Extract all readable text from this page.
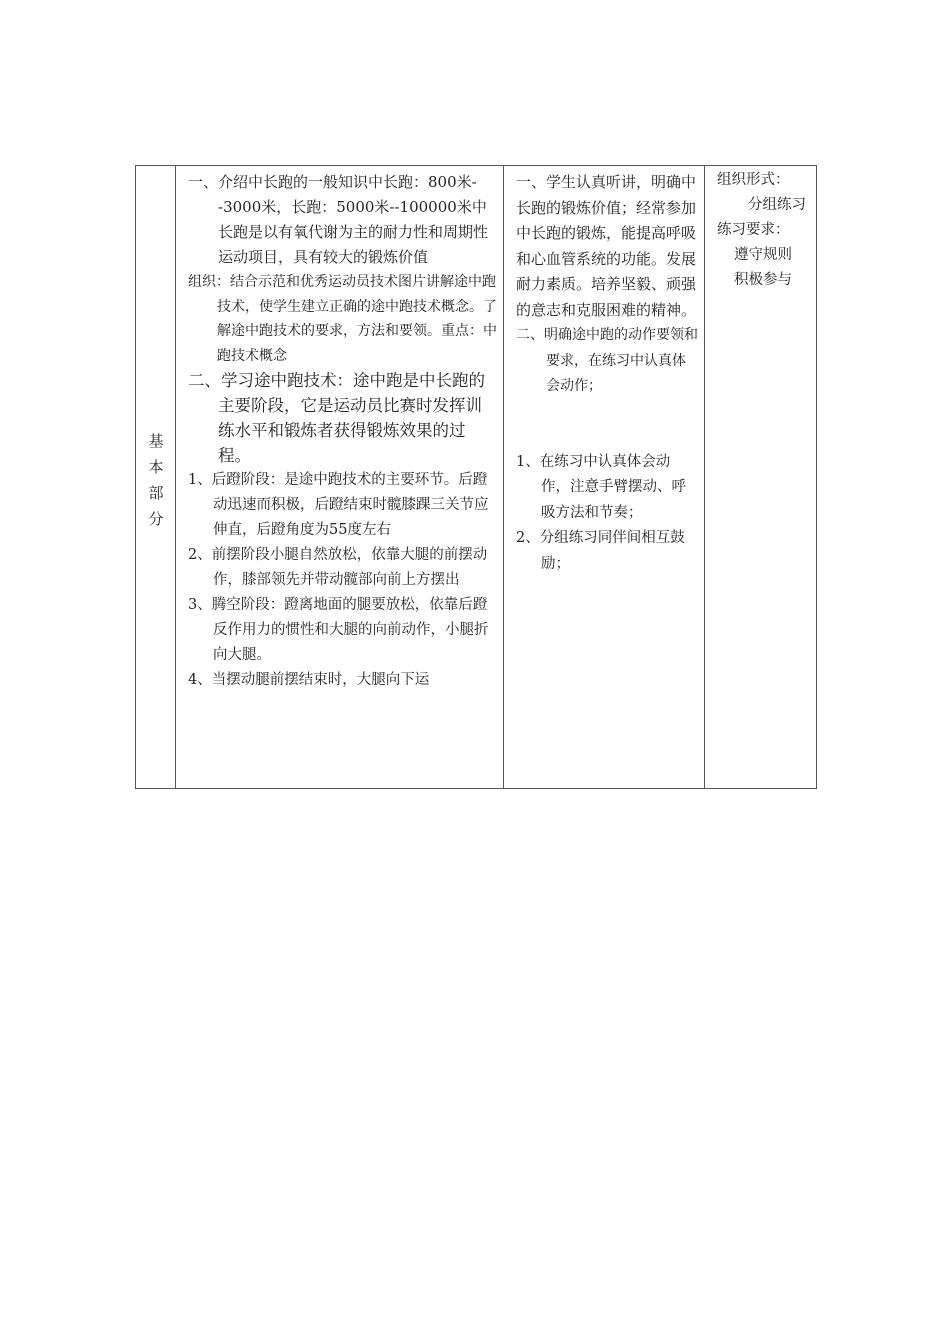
基
本
部
分

一、介绍中长跑的一般知识中长跑：800米--3000米，长跑：5000米--100000米中长跑是以有氧代谢为主的耐力性和周期性运动项目，具有较大的锻炼价值

组织：结合示范和优秀运动员技术图片讲解途中跑技术，使学生建立正确的途中跑技术概念。了解途中跑技术的要求，方法和要领。重点：中跑技术概念

二、学习途中跑技术：途中跑是中长跑的主要阶段，它是运动员比赛时发挥训练水平和锻炼者获得锻炼效果的过程。

1、后蹬阶段：是途中跑技术的主要环节。后蹬动迅速而积极，后蹬结束时髋膝踝三关节应伸直，后蹬角度为55度左右

2、前摆阶段小腿自然放松，依靠大腿的前摆动作，膝部领先并带动髋部向前上方摆出

3、腾空阶段：蹬离地面的腿要放松，依靠后蹬反作用力的惯性和大腿的向前动作，小腿折向大腿。

4、当摆动腿前摆结束时，大腿向下运

一、学生认真听讲，明确中长跑的锻炼价值；经常参加中长跑的锻炼，能提高呼吸和心血管系统的功能。发展耐力素质。培养坚毅、顽强的意志和克服困难的精神。

二、明确途中跑的动作要领和要求，在练习中认真体会动作；

1、在练习中认真体会动作，注意手臂摆动、呼吸方法和节奏；

2、分组练习同伴间相互鼓励；

组织形式：

分组练习

练习要求：

遵守规则

积极参与
